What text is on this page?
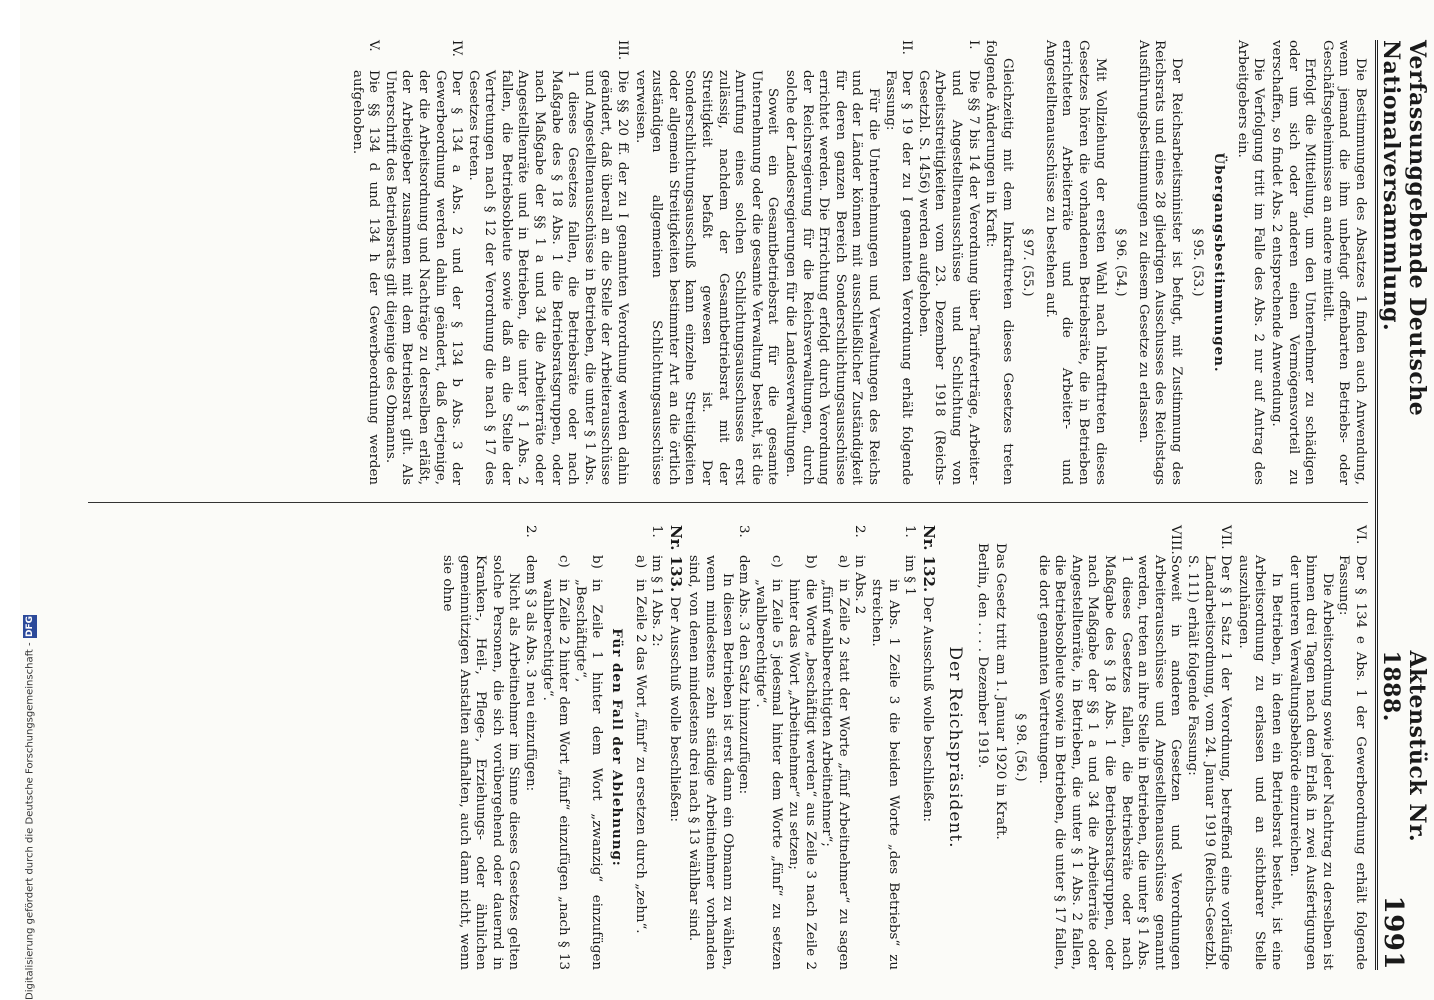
Digitalisierung gefördert durch die Deutsche Forschungsgemeinschaft -
DFG
Verfassunggebende Deutsche Nationalversammlung.
Aktenstück Nr. 1888.
1991

Die Bestimmungen des Absatzes 1 finden auch Anwendung, wenn jemand die ihm unbefugt offenbarten Betriebs- oder Geschäftsgeheimnisse an andere mitteilt.

Erfolgt die Mitteilung, um den Unternehmer zu schädigen oder um sich oder anderen einen Vermögensvorteil zu verschaffen, so findet Abs. 2 entsprechende Anwendung.

Die Verfolgung tritt im Falle des Abs. 2 nur auf Antrag des Arbeitgebers ein.

Übergangsbestimmungen.
§ 95. (53.)

Der Reichsarbeitsminister ist befugt, mit Zustimmung des Reichsrats und eines 28 gliedrigen Ausschusses des Reichstags Ausführungsbestimmungen zu diesem Gesetze zu erlassen.

§ 96. (54.)

Mit Vollziehung der ersten Wahl nach Inkrafttreten dieses Gesetzes hören die vorhandenen Betriebsräte, die in Betrieben errichteten Arbeiterräte und die Arbeiter- und Angestelltenausschüsse zu bestehen auf.

§ 97. (55.)

Gleichzeitig mit dem Inkrafttreten dieses Gesetzes treten folgende Änderungen in Kraft:

I.
Die §§ 7 bis 14 der Verordnung über Tarifverträge, Arbeiter- und Angestelltenausschüsse und Schlichtung von Arbeitsstreitigkeiten vom 23. Dezember 1918 (Reichs-Gesetzbl. S. 1456) werden aufgehoben.
II.
Der § 19 der zu I genannten Verordnung erhält folgende Fassung:

Für die Unternehmungen und Verwaltungen des Reichs und der Länder können mit ausschließlicher Zuständigkeit für deren ganzen Bereich Sonderschlichtungsausschüsse errichtet werden. Die Errichtung erfolgt durch Verordnung der Reichsregierung für die Reichsverwaltungen, durch solche der Landesregierungen für die Landesverwaltungen.

Soweit ein Gesamtbetriebsrat für die gesamte Unternehmung oder die gesamte Verwaltung besteht, ist die Anrufung eines solchen Schlichtungsausschusses erst zulässig, nachdem der Gesamtbetriebsrat mit der Streitigkeit befaßt gewesen ist. Der Sonderschlichtungsausschuß kann einzelne Streitigkeiten oder allgemein Streitigkeiten bestimmter Art an die örtlich zuständigen allgemeinen Schlichtungsausschüsse verweisen.

III.
Die §§ 20 ff. der zu I genannten Verordnung werden dahin geändert, daß überall an die Stelle der Arbeiterausschüsse und Angestelltenausschüsse in Betrieben, die unter § 1 Abs. 1 dieses Gesetzes fallen, die Betriebsräte oder nach Maßgabe des § 18 Abs. 1 die Betriebsratsgruppen, oder nach Maßgabe der §§ 1 a und 34 die Arbeiterräte oder Angestelltenräte und in Betrieben, die unter § 1 Abs. 2 fallen, die Betriebsobleute sowie daß an die Stelle der Vertretungen nach § 12 der Verordnung die nach § 17 des Gesetzes treten.
IV.
Der § 134 a Abs. 2 und der § 134 b Abs. 3 der Gewerbeordnung werden dahin geändert, daß derjenige, der die Arbeitsordnung und Nachträge zu derselben erläßt, der Arbeitgeber zusammen mit dem Betriebsrat gilt. Als Unterschrift des Betriebsrats gilt diejenige des Obmanns.
V.
Die §§ 134 d und 134 h der Gewerbeordnung werden aufgehoben.
VI.
Der § 134 e Abs. 1 der Gewerbeordnung erhält folgende Fassung:

Die Arbeitsordnung sowie jeder Nachtrag zu derselben ist binnen drei Tagen nach dem Erlaß in zwei Ausfertigungen der unteren Verwaltungsbehörde einzureichen.

In Betrieben, in denen ein Betriebsrat besteht, ist eine Arbeitsordnung zu erlassen und an sichtbarer Stelle auszuhängen.

VII.
Der § 1 Satz 1 der Verordnung, betreffend eine vorläufige Landarbeitsordnung, vom 24. Januar 1919 (Reichs-Gesetzbl. S. 111) erhält folgende Fassung:
VIII.
Soweit in anderen Gesetzen und Verordnungen Arbeiterausschüsse und Angestelltenausschüsse genannt werden, treten an ihre Stelle in Betrieben, die unter § 1 Abs. 1 dieses Gesetzes fallen, die Betriebsräte oder nach Maßgabe des § 18 Abs. 1 die Betriebsratsgruppen, oder nach Maßgabe der §§ 1 a und 34 die Arbeiterräte oder Angestelltenräte, in Betrieben, die unter § 1 Abs. 2 fallen, die Betriebsobleute sowie in Betrieben, die unter § 17 fallen, die dort genannten Vertretungen.
§ 98. (56.)

Das Gesetz tritt am 1. Januar 1920 in Kraft.

Berlin, den . . . . Dezember 1919.

Der Reichspräsident.

Nr. 132. Der Ausschuß wolle beschließen:

1.
im § 1
in Abs. 1 Zeile 3 die beiden Worte „des Betriebs“ zu streichen.
2.
in Abs. 2
a)
in Zeile 2 statt der Worte „fünf Arbeitnehmer“ zu sagen „fünf wahlberechtigten Arbeitnehmer“;
b)
die Worte „beschäftigt werden“ aus Zeile 3 nach Zeile 2 hinter das Wort „Arbeitnehmer“ zu setzen;
c)
in Zeile 5 jedesmal hinter dem Worte „fünf“ zu setzen „wahlberechtigte“.
3.
dem Abs. 3 den Satz hinzuzufügen:

In diesen Betrieben ist erst dann ein Obmann zu wählen, wenn mindestens zehn ständige Arbeitnehmer vorhanden sind, von denen mindestens drei nach § 13 wählbar sind.

Nr. 133. Der Ausschuß wolle beschließen:

1.
im § 1 Abs. 2:
a)
in Zeile 2 das Wort „fünf“ zu ersetzen durch „zehn“.
Für den Fall der Ablehnung:
b)
in Zeile 1 hinter dem Wort „zwanzig“ einzufügen „Beschäftigte“,
c)
in Zeile 2 hinter dem Wort „fünf“ einzufügen „nach § 13 wahlberechtigte“.
2.
dem § 3 als Abs. 3 neu einzufügen:

Nicht als Arbeitnehmer im Sinne dieses Gesetzes gelten solche Personen, die sich vorübergehend oder dauernd in Kranken-, Heil-, Pflege-, Erziehungs- oder ähnlichen gemeinnützigen Anstalten aufhalten, auch dann nicht, wenn sie ohne
